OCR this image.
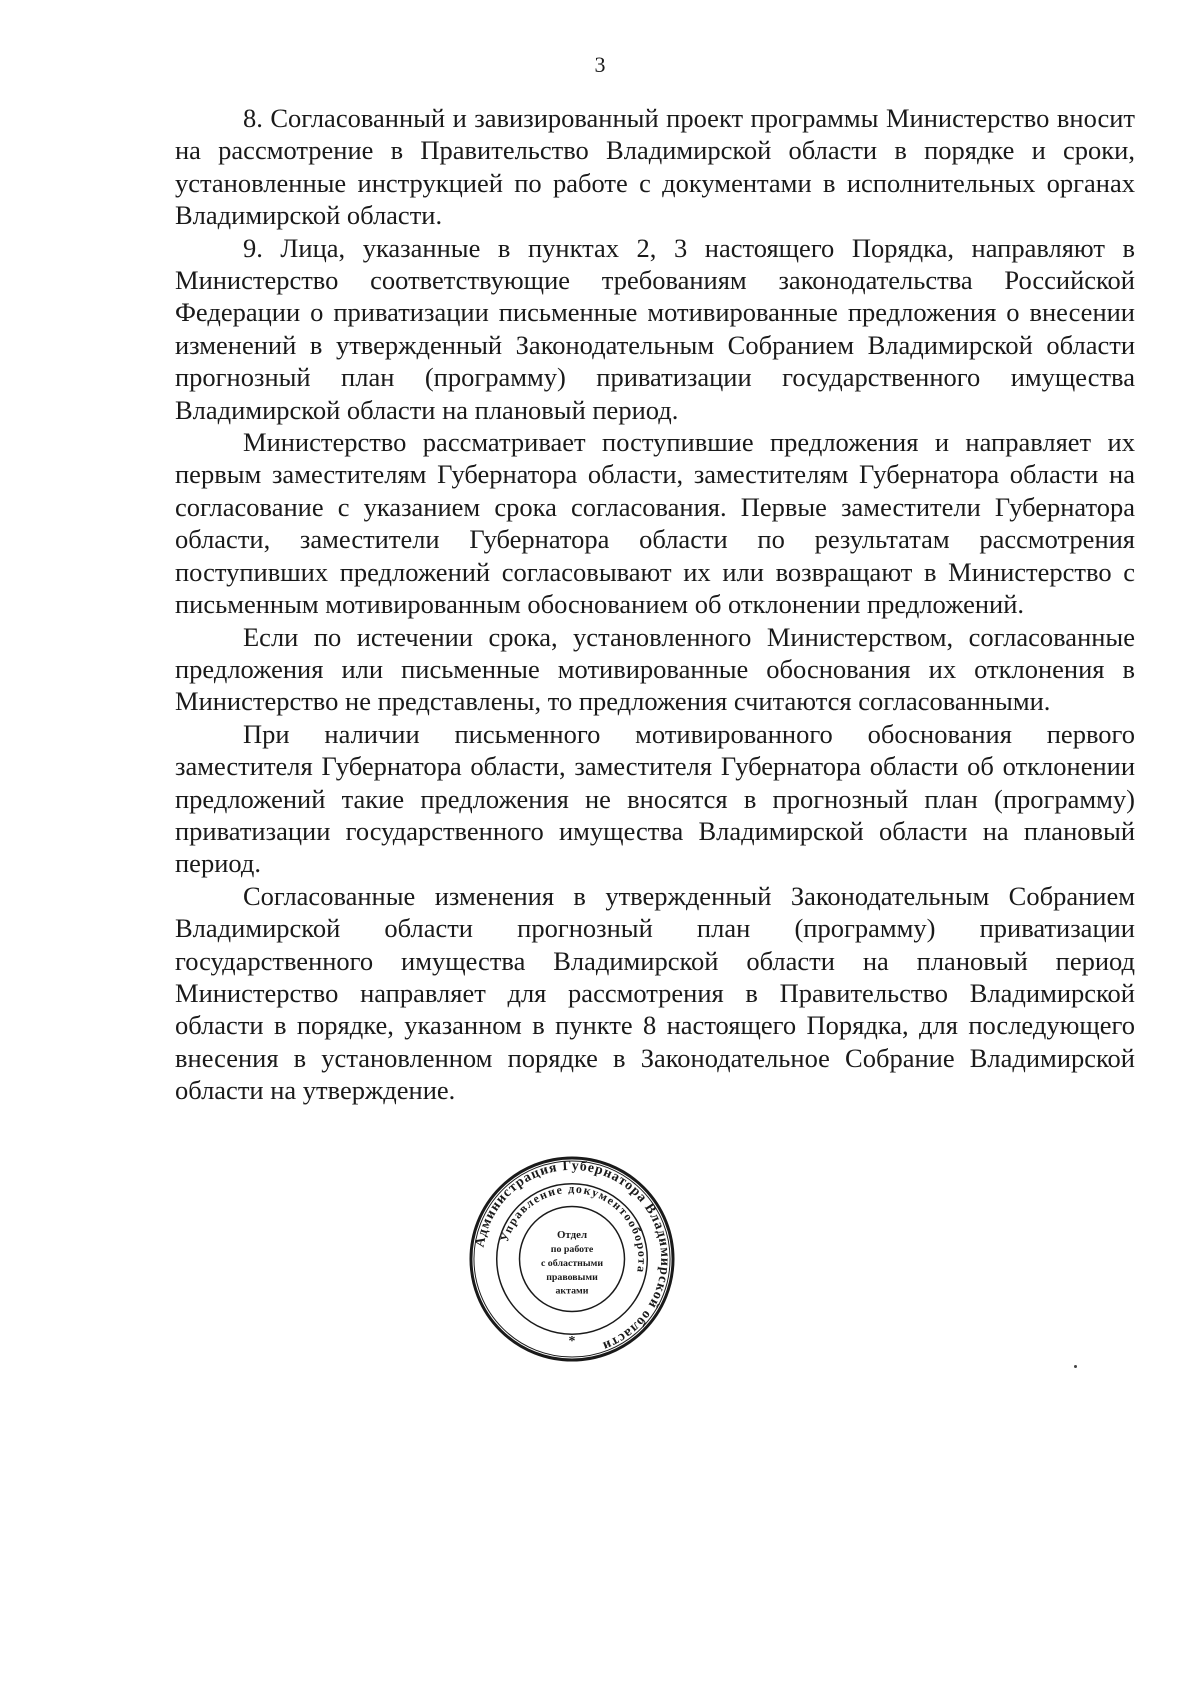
3

8. Согласованный и завизированный проект программы Министерство вносит на рассмотрение в Правительство Владимирской области в порядке и сроки, установленные инструкцией по работе с документами в исполнительных органах Владимирской области.

9. Лица, указанные в пунктах 2, 3 настоящего Порядка, направляют в Министерство соответствующие требованиям законодательства Российской Федерации о приватизации письменные мотивированные предложения о внесении изменений в утвержденный Законодательным Собранием Владимирской области прогнозный план (программу) приватизации государственного имущества Владимирской области на плановый период.

Министерство рассматривает поступившие предложения и направляет их первым заместителям Губернатора области, заместителям Губернатора области на согласование с указанием срока согласования. Первые заместители Губернатора области, заместители Губернатора области по результатам рассмотрения поступивших предложений согласовывают их или возвращают в Министерство с письменным мотивированным обоснованием об отклонении предложений.

Если по истечении срока, установленного Министерством, согласованные предложения или письменные мотивированные обоснования их отклонения в Министерство не представлены, то предложения считаются согласованными.

При наличии письменного мотивированного обоснования первого заместителя Губернатора области, заместителя Губернатора области об отклонении предложений такие предложения не вносятся в прогнозный план (программу) приватизации государственного имущества Владимирской области на плановый период.

Согласованные изменения в утвержденный Законодательным Собранием Владимирской области прогнозный план (программу) приватизации государственного имущества Владимирской области на плановый период Министерство направляет для рассмотрения в Правительство Владимирской области в порядке, указанном в пункте 8 настоящего Порядка, для последующего внесения в установленном порядке в Законодательное Собрание Владимирской области на утверждение.

Администрация Губернатора Владимирской области
Управление документооборота
Отдел
по работе
с областными
правовыми
актами
*
